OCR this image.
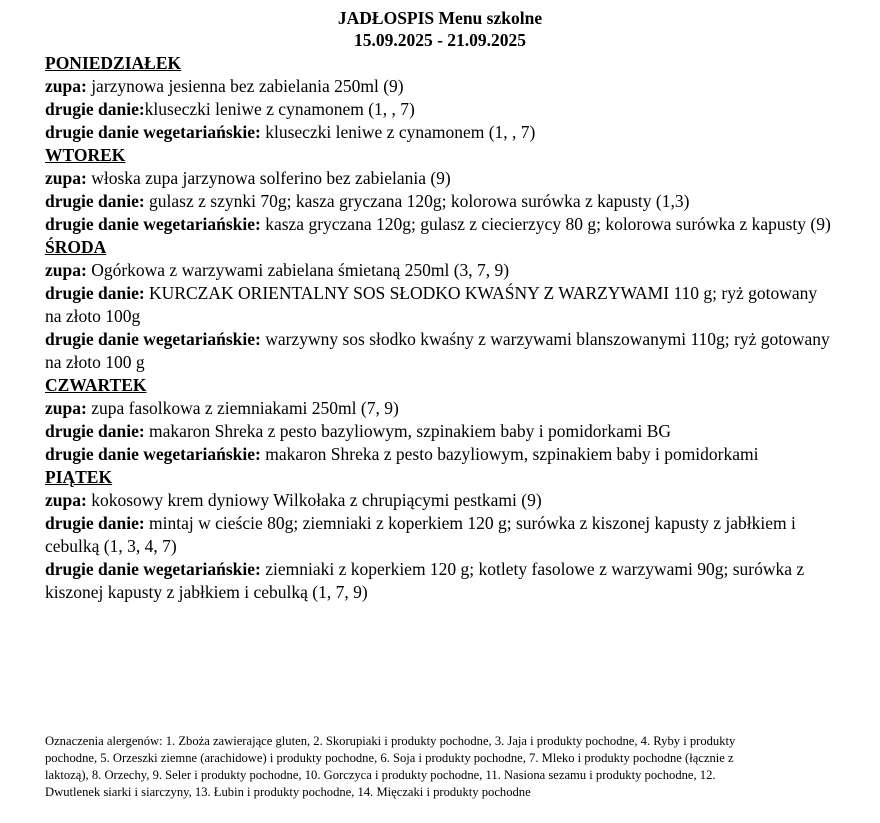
JADŁOSPIS Menu szkolne
15.09.2025 - 21.09.2025

PONIEDZIAŁEK

zupa: jarzynowa jesienna bez zabielania 250ml (9)

drugie danie:kluseczki leniwe z cynamonem (1, , 7)

drugie danie wegetariańskie: kluseczki leniwe z cynamonem (1, , 7)

WTOREK

zupa: włoska zupa jarzynowa solferino bez zabielania (9)

drugie danie: gulasz z szynki 70g; kasza gryczana 120g; kolorowa surówka z kapusty (1,3)

drugie danie wegetariańskie: kasza gryczana 120g; gulasz z ciecierzycy 80 g; kolorowa surówka z kapusty (9)

ŚRODA

zupa: Ogórkowa z warzywami zabielana śmietaną 250ml (3, 7, 9)

drugie danie: KURCZAK ORIENTALNY SOS SŁODKO KWAŚNY Z WARZYWAMI 110 g; ryż gotowany na złoto 100g

drugie danie wegetariańskie: warzywny sos słodko kwaśny z warzywami blanszowanymi 110g; ryż gotowany na złoto 100 g

CZWARTEK

zupa: zupa fasolkowa z ziemniakami 250ml (7, 9)

drugie danie: makaron Shreka z pesto bazyliowym, szpinakiem baby i pomidorkami BG

drugie danie wegetariańskie: makaron Shreka z pesto bazyliowym, szpinakiem baby i pomidorkami

PIĄTEK

zupa: kokosowy krem dyniowy Wilkołaka z chrupiącymi pestkami (9)

drugie danie: mintaj w cieście 80g; ziemniaki z koperkiem 120 g; surówka z kiszonej kapusty z jabłkiem i cebulką (1, 3, 4, 7)

drugie danie wegetariańskie: ziemniaki z koperkiem 120 g; kotlety fasolowe z warzywami 90g; surówka z kiszonej kapusty z jabłkiem i cebulką (1, 7, 9)

Oznaczenia alergenów: 1. Zboża zawierające gluten, 2. Skorupiaki i produkty pochodne, 3. Jaja i produkty pochodne, 4. Ryby i produkty pochodne, 5. Orzeszki ziemne (arachidowe) i produkty pochodne, 6. Soja i produkty pochodne, 7. Mleko i produkty pochodne (łącznie z laktozą), 8. Orzechy, 9. Seler i produkty pochodne, 10. Gorczyca i produkty pochodne, 11. Nasiona sezamu i produkty pochodne, 12. Dwutlenek siarki i siarczyny, 13. Łubin i produkty pochodne, 14. Mięczaki i produkty pochodne
